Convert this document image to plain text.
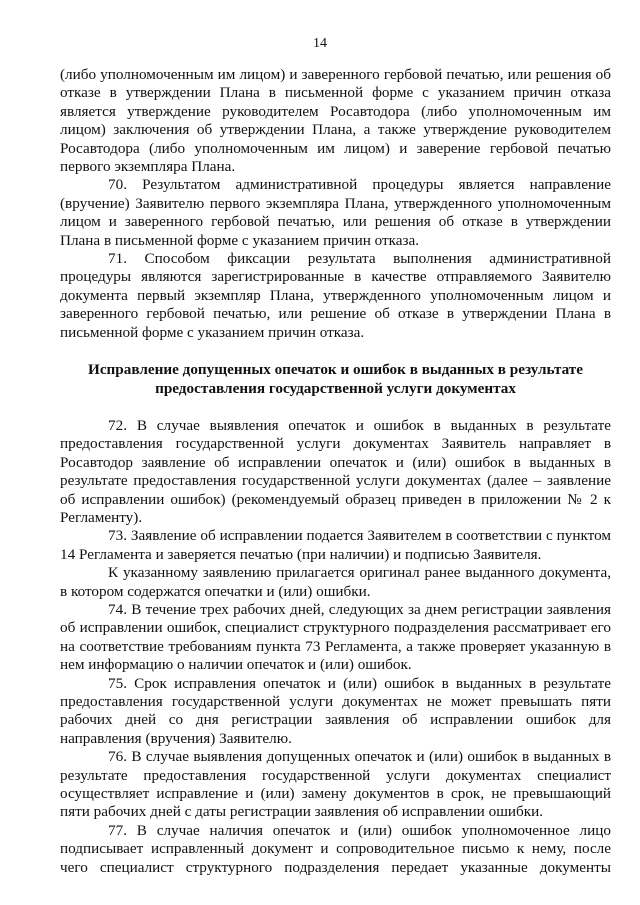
14

(либо уполномоченным им лицом) и заверенного гербовой печатью, или решения об отказе в утверждении Плана в письменной форме с указанием причин отказа является утверждение руководителем Росавтодора (либо уполномоченным им лицом) заключения об утверждении Плана, а также утверждение руководителем Росавтодора (либо уполномоченным им лицом) и заверение гербовой печатью первого экземпляра Плана.

70. Результатом административной процедуры является направление (вручение) Заявителю первого экземпляра Плана, утвержденного уполномоченным лицом и заверенного гербовой печатью, или решения об отказе в утверждении Плана в письменной форме с указанием причин отказа.

71. Способом фиксации результата выполнения административной процедуры являются зарегистрированные в качестве отправляемого Заявителю документа первый экземпляр Плана, утвержденного уполномоченным лицом и заверенного гербовой печатью, или решение об отказе в утверждении Плана в письменной форме с указанием причин отказа.

Исправление допущенных опечаток и ошибок в выданных в результате предоставления государственной услуги документах

72. В случае выявления опечаток и ошибок в выданных в результате предоставления государственной услуги документах Заявитель направляет в Росавтодор заявление об исправлении опечаток и (или) ошибок в выданных в результате предоставления государственной услуги документах (далее – заявление об исправлении ошибок) (рекомендуемый образец приведен в приложении № 2 к Регламенту).

73. Заявление об исправлении подается Заявителем в соответствии с пунктом 14 Регламента и заверяется печатью (при наличии) и подписью Заявителя.

К указанному заявлению прилагается оригинал ранее выданного документа, в котором содержатся опечатки и (или) ошибки.

74. В течение трех рабочих дней, следующих за днем регистрации заявления об исправлении ошибок, специалист структурного подразделения рассматривает его на соответствие требованиям пункта 73 Регламента, а также проверяет указанную в нем информацию о наличии опечаток и (или) ошибок.

75. Срок исправления опечаток и (или) ошибок в выданных в результате предоставления государственной услуги документах не может превышать пяти рабочих дней со дня регистрации заявления об исправлении ошибок для направления (вручения) Заявителю.

76. В случае выявления допущенных опечаток и (или) ошибок в выданных в результате предоставления государственной услуги документах специалист осуществляет исправление и (или) замену документов в срок, не превышающий пяти рабочих дней с даты регистрации заявления об исправлении ошибки.

77. В случае наличия опечаток и (или) ошибок уполномоченное лицо подписывает исправленный документ и сопроводительное письмо к нему, после чего специалист структурного подразделения передает указанные документы
